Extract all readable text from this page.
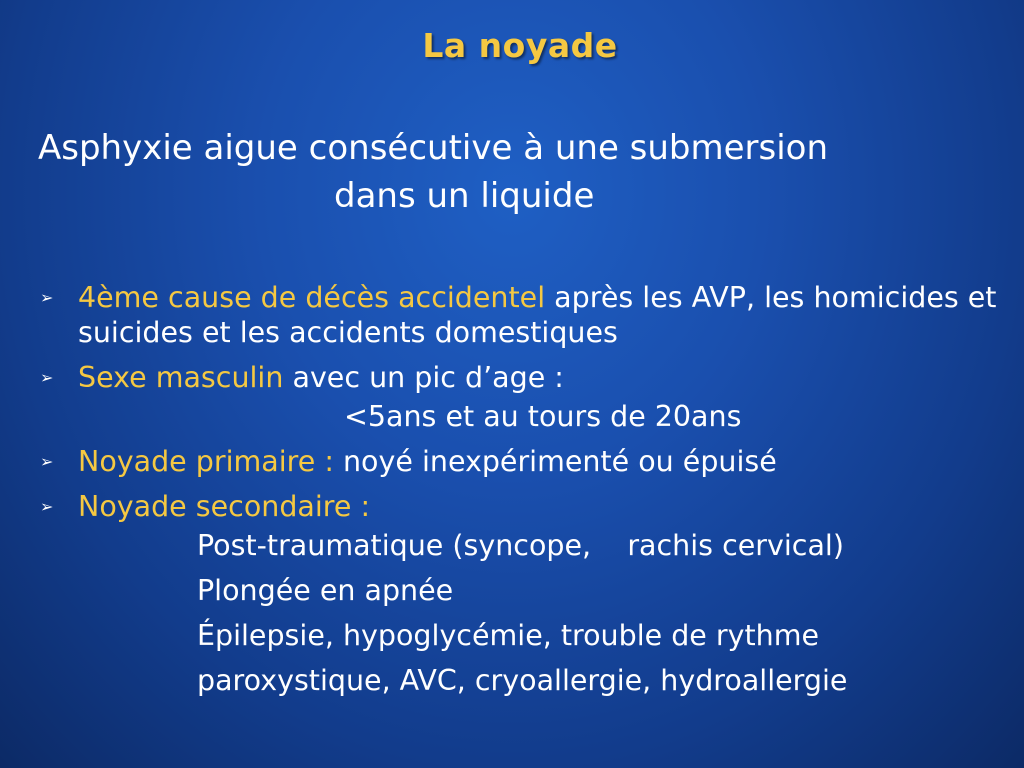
La noyade
Asphyxie aigue consécutive à une submersion
dans un liquide
➢ 4ème cause de décès accidentel après les AVP, les homicides et suicides et les accidents domestiques
➢ Sexe masculin avec un pic d’age :
<5ans et au tours de 20ans
➢ Noyade primaire : noyé inexpérimenté ou épuisé
➢ Noyade secondaire :
Post-traumatique (syncope,    rachis cervical)
Plongée en apnée
Épilepsie, hypoglycémie, trouble de rythme
paroxystique, AVC, cryoallergie, hydroallergie
